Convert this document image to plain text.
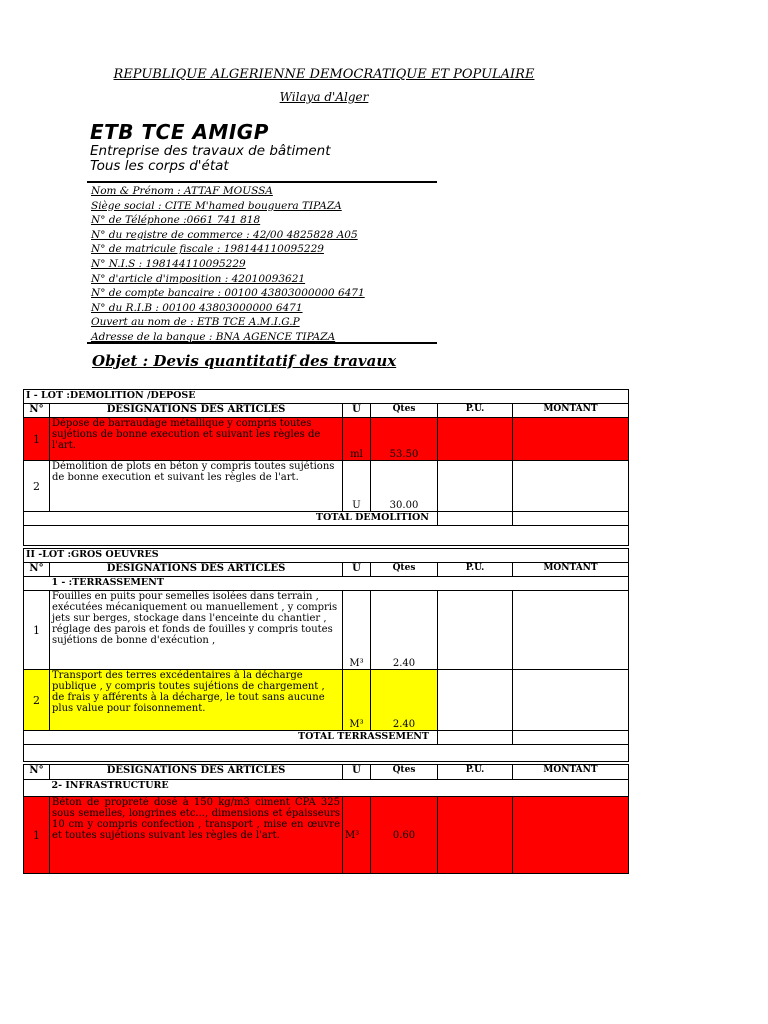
REPUBLIQUE ALGERIENNE DEMOCRATIQUE ET POPULAIRE
Wilaya d'Alger
ETB TCE AMIGP
Entreprise des travaux de bâtiment
Tous les corps d'état
Nom & Prénom : ATTAF MOUSSA
Siège social : CITE M'hamed bouguera TIPAZA
N° de Téléphone :0661 741 818
N° du registre de commerce : 42/00 4825828 A05
N° de matricule fiscale : 198144110095229
N° N.I.S : 198144110095229
N° d'article d'imposition : 42010093621
N° de compte bancaire : 00100 43803000000 6471
N° du R.I.B : 00100 43803000000 6471
Ouvert au nom de : ETB TCE A.M.I.G.P
Adresse de la banque : BNA AGENCE TIPAZA
Objet : Devis quantitatif des travaux
I - LOT :DEMOLITION /DEPOSE					
N°	DESIGNATIONS DES ARTICLES	U	Qtes	P.U.	MONTANT
1	Dépose de barraudage métallique y compris toutes sujétions de bonne execution et suivant les règles de l'art.	ml	53.50		
2	Démolition de plots en béton y compris toutes sujétions de bonne execution et suivant les règles de l'art.	U	30.00		
	TOTAL DEMOLITION				

II -LOT :GROS OEUVRES					
N°	DESIGNATIONS DES ARTICLES	U	Qtes	P.U.	MONTANT
	1 - :TERRASSEMENT				
1	Fouilles en puits pour semelles isolées dans terrain , exécutées mécaniquement ou manuellement , y compris jets sur berges, stockage dans l'enceinte du chantier , réglage des parois et fonds de fouilles y compris toutes sujétions de bonne d'exécution ,	M³	2.40		
2	Transport des terres excédentaires à la décharge publique , y compris toutes sujétions de chargement , de frais y afférents à la décharge, le tout sans aucune plus value pour foisonnement.	M³	2.40		
	TOTAL TERRASSEMENT				

N°	DESIGNATIONS DES ARTICLES	U	Qtes	P.U.	MONTANT
	2- INFRASTRUCTURE				
1	Béton de propreté dosé à 150 kg/m3 ciment CPA 325 sous semelles, longrines etc..., dimensions et épaisseurs 10 cm y compris confection , transport , mise en œuvre et toutes sujétions suivant les règles de l'art.	M³	0.60		
